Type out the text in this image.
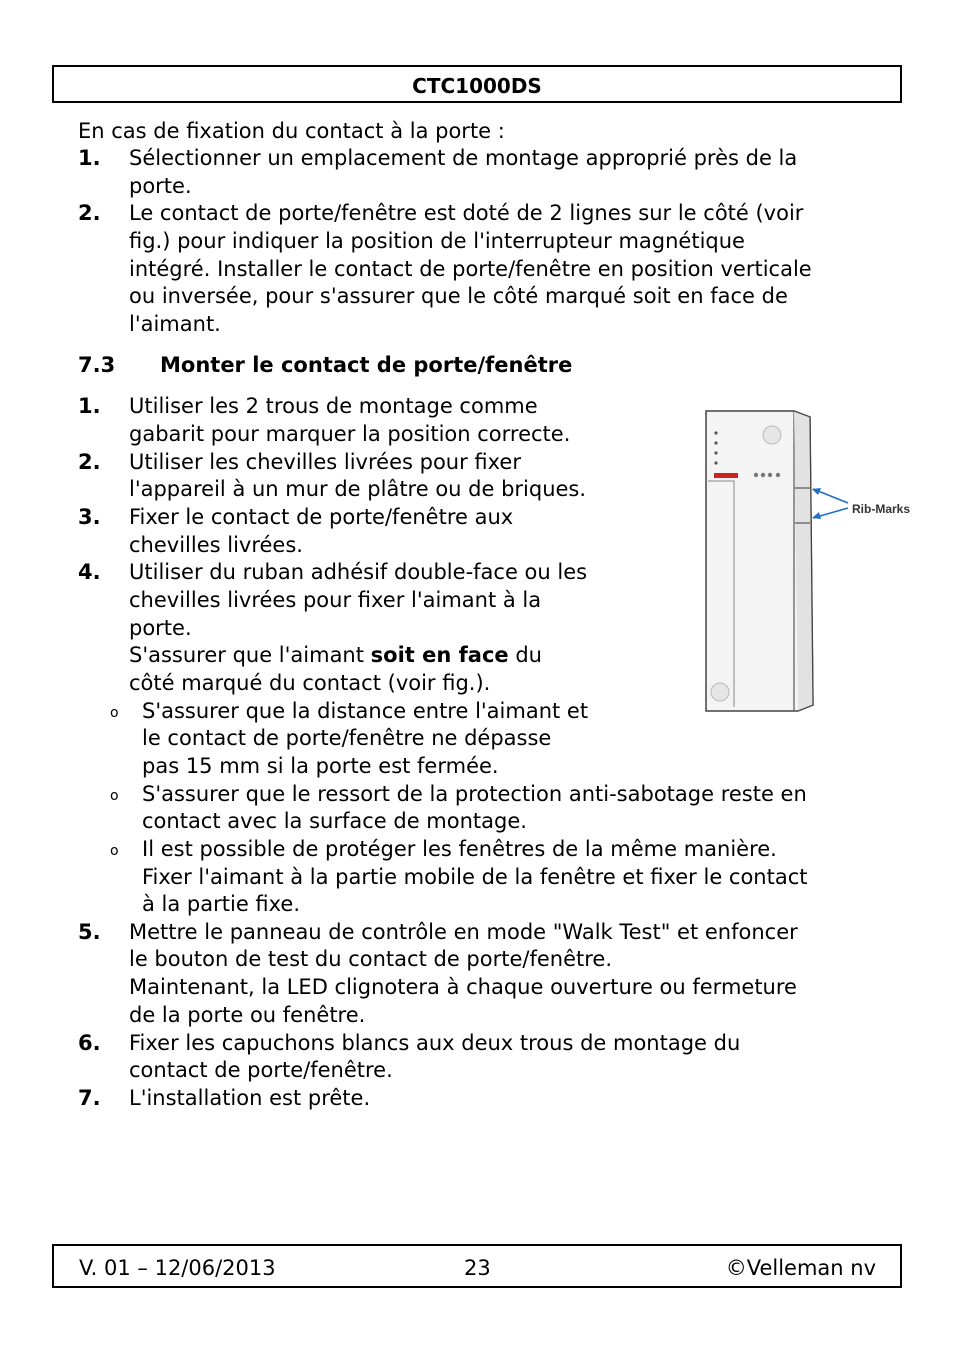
CTC1000DS
En cas de fixation du contact à la porte :
1. Sélectionner un emplacement de montage approprié près de la
porte.
2. Le contact de porte/fenêtre est doté de 2 lignes sur le côté (voir
fig.) pour indiquer la position de l'interrupteur magnétique
intégré. Installer le contact de porte/fenêtre en position verticale
ou inversée, pour s'assurer que le côté marqué soit en face de
l'aimant.
7.3 Monter le contact de porte/fenêtre
1. Utiliser les 2 trous de montage comme
gabarit pour marquer la position correcte.
2. Utiliser les chevilles livrées pour fixer
l'appareil à un mur de plâtre ou de briques.
3. Fixer le contact de porte/fenêtre aux
chevilles livrées.
4. Utiliser du ruban adhésif double-face ou les
chevilles livrées pour fixer l'aimant à la
porte.
S'assurer que l'aimant soit en face du
côté marqué du contact (voir fig.).
o S'assurer que la distance entre l'aimant et
le contact de porte/fenêtre ne dépasse
pas 15 mm si la porte est fermée.
o S'assurer que le ressort de la protection anti-sabotage reste en
contact avec la surface de montage.
o Il est possible de protéger les fenêtres de la même manière.
Fixer l'aimant à la partie mobile de la fenêtre et fixer le contact
à la partie fixe.
5. Mettre le panneau de contrôle en mode "Walk Test" et enfoncer
le bouton de test du contact de porte/fenêtre.
Maintenant, la LED clignotera à chaque ouverture ou fermeture
de la porte ou fenêtre.
6. Fixer les capuchons blancs aux deux trous de montage du
contact de porte/fenêtre.
7. L'installation est prête.
Rib-Marks
V. 01 – 12/06/2013	23	©Velleman nv
